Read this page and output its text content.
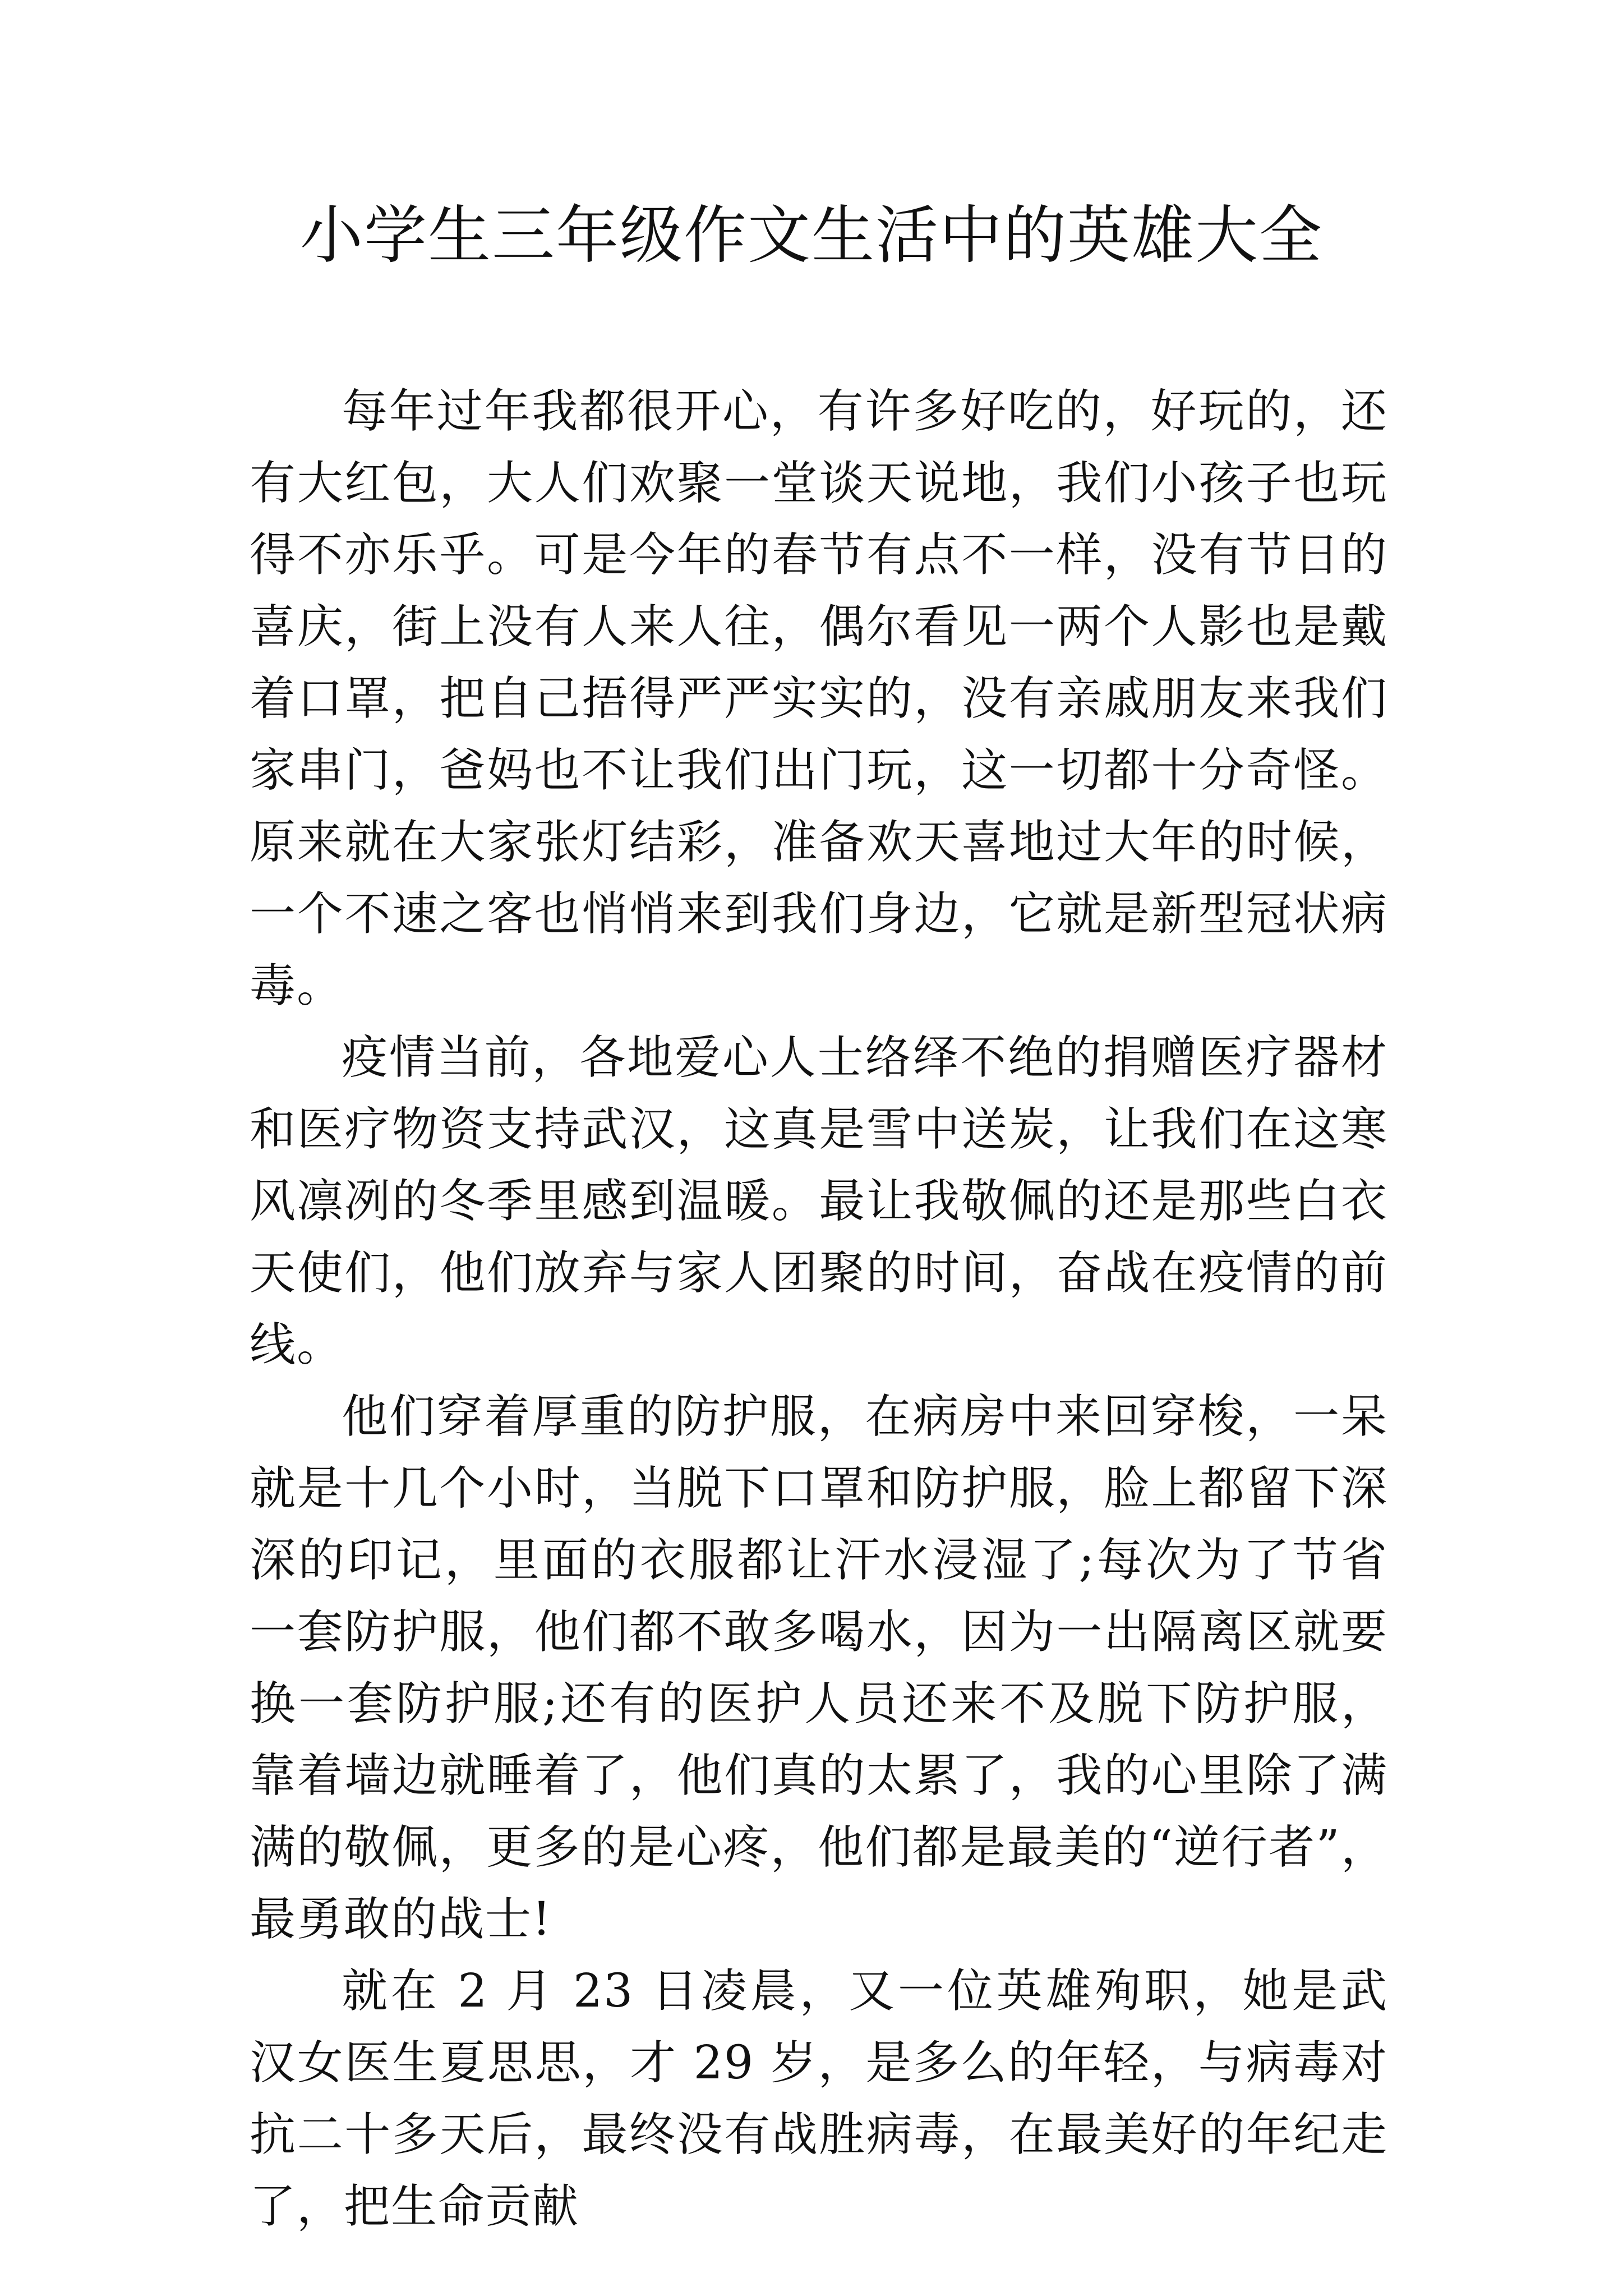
小学生三年级作文生活中的英雄大全

每年过年我都很开心，有许多好吃的，好玩的，还有大红包，大人们欢聚一堂谈天说地，我们小孩子也玩得不亦乐乎。可是今年的春节有点不一样，没有节日的喜庆，街上没有人来人往，偶尔看见一两个人影也是戴着口罩，把自己捂得严严实实的，没有亲戚朋友来我们家串门，爸妈也不让我们出门玩，这一切都十分奇怪。原来就在大家张灯结彩，准备欢天喜地过大年的时候，一个不速之客也悄悄来到我们身边，它就是新型冠状病毒。

疫情当前，各地爱心人士络绎不绝的捐赠医疗器材和医疗物资支持武汉，这真是雪中送炭，让我们在这寒风凛冽的冬季里感到温暖。最让我敬佩的还是那些白衣天使们，他们放弃与家人团聚的时间，奋战在疫情的前线。

他们穿着厚重的防护服，在病房中来回穿梭，一呆就是十几个小时，当脱下口罩和防护服，脸上都留下深深的印记，里面的衣服都让汗水浸湿了;每次为了节省一套防护服，他们都不敢多喝水，因为一出隔离区就要换一套防护服;还有的医护人员还来不及脱下防护服，靠着墙边就睡着了，他们真的太累了，我的心里除了满满的敬佩，更多的是心疼，他们都是最美的“逆行者”，最勇敢的战士!

就在 2 月 23 日凌晨，又一位英雄殉职，她是武汉女医生夏思思，才 29 岁，是多么的年轻，与病毒对抗二十多天后，最终没有战胜病毒，在最美好的年纪走了，把生命贡献
